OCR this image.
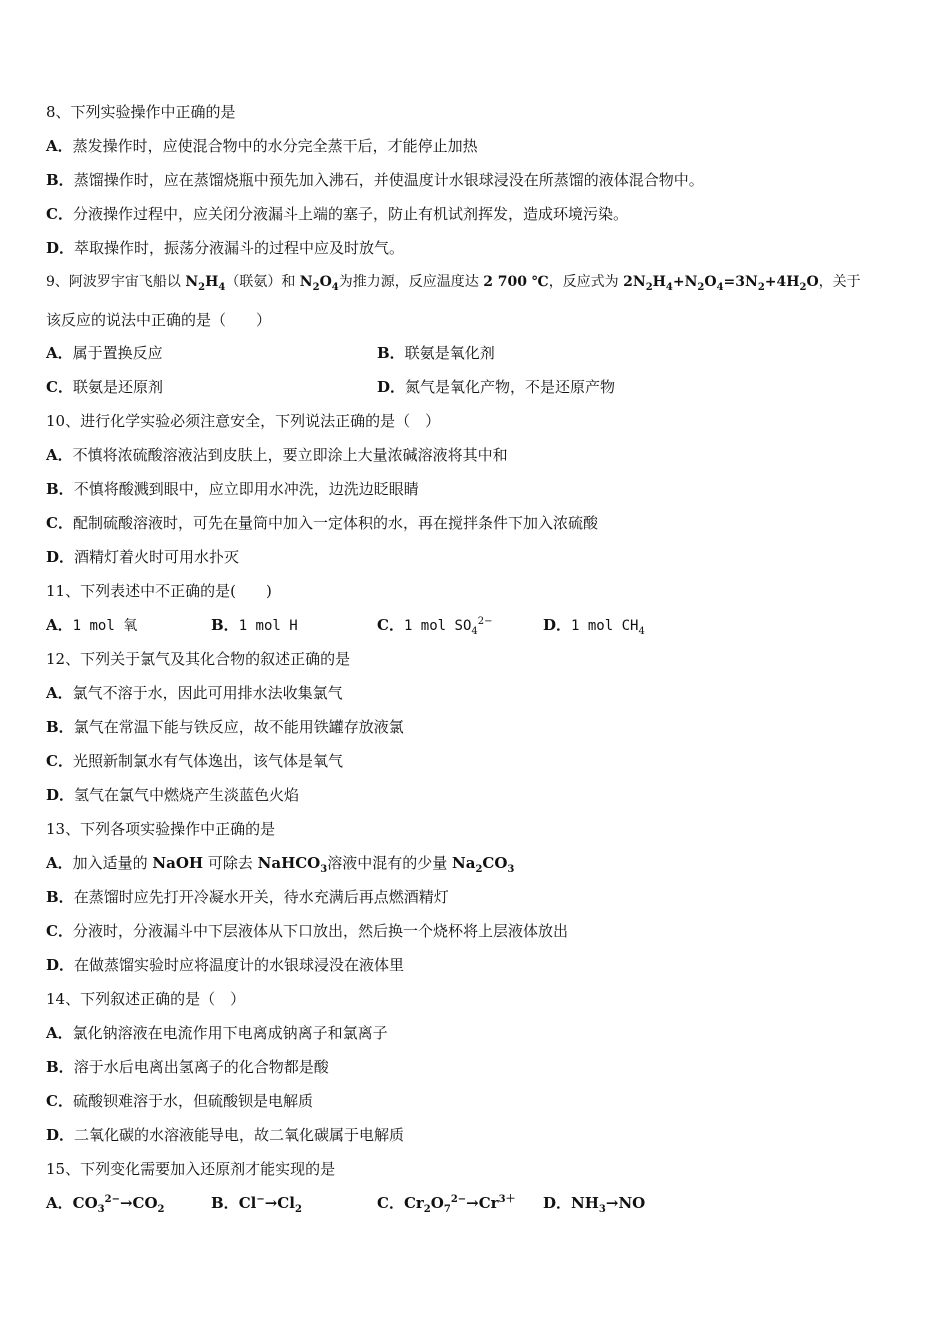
8、下列实验操作中正确的是
A．蒸发操作时，应使混合物中的水分完全蒸干后，才能停止加热
B．蒸馏操作时，应在蒸馏烧瓶中预先加入沸石，并使温度计水银球浸没在所蒸馏的液体混合物中。
C．分液操作过程中，应关闭分液漏斗上端的塞子，防止有机试剂挥发，造成环境污染。
D．萃取操作时，振荡分液漏斗的过程中应及时放气。
9、阿波罗宇宙飞船以 $N_2H_4$（联氨）和 $N_2O_4$为推力源，反应温度达 2 700 ℃，反应式为 $2N_2H_4+N_2O_4=3N_2+4H_2O$，关于
该反应的说法中正确的是（　　）
A．属于置换反应	B．联氨是氧化剂
C．联氨是还原剂	D．氮气是氧化产物，不是还原产物
10、进行化学实验必须注意安全，下列说法正确的是（　）
A．不慎将浓硫酸溶液沾到皮肤上，要立即涂上大量浓碱溶液将其中和
B．不慎将酸溅到眼中，应立即用水冲洗，边洗边眨眼睛
C．配制硫酸溶液时，可先在量筒中加入一定体积的水，再在搅拌条件下加入浓硫酸
D．酒精灯着火时可用水扑灭
11、下列表述中不正确的是(　　)
A．1 mol 氧	B．1 mol H	C．1 mol $SO_4^{2-}$	D．1 mol $CH_4$
12、下列关于氯气及其化合物的叙述正确的是
A．氯气不溶于水，因此可用排水法收集氯气
B．氯气在常温下能与铁反应，故不能用铁罐存放液氯
C．光照新制氯水有气体逸出，该气体是氧气
D．氢气在氯气中燃烧产生淡蓝色火焰
13、下列各项实验操作中正确的是
A．加入适量的 NaOH 可除去 NaHCO$_3$溶液中混有的少量 $Na_2CO_3$
B．在蒸馏时应先打开冷凝水开关，待水充满后再点燃酒精灯
C．分液时，分液漏斗中下层液体从下口放出，然后换一个烧杯将上层液体放出
D．在做蒸馏实验时应将温度计的水银球浸没在液体里
14、下列叙述正确的是（　）
A．氯化钠溶液在电流作用下电离成钠离子和氯离子
B．溶于水后电离出氢离子的化合物都是酸
C．硫酸钡难溶于水，但硫酸钡是电解质
D．二氧化碳的水溶液能导电，故二氧化碳属于电解质
15、下列变化需要加入还原剂才能实现的是
A．$CO_3^{2-}\to CO_2$	B．$Cl^-\to Cl_2$	C．$Cr_2O_7^{2-}\to Cr^{3+}$ D．$NH_3\to NO$
